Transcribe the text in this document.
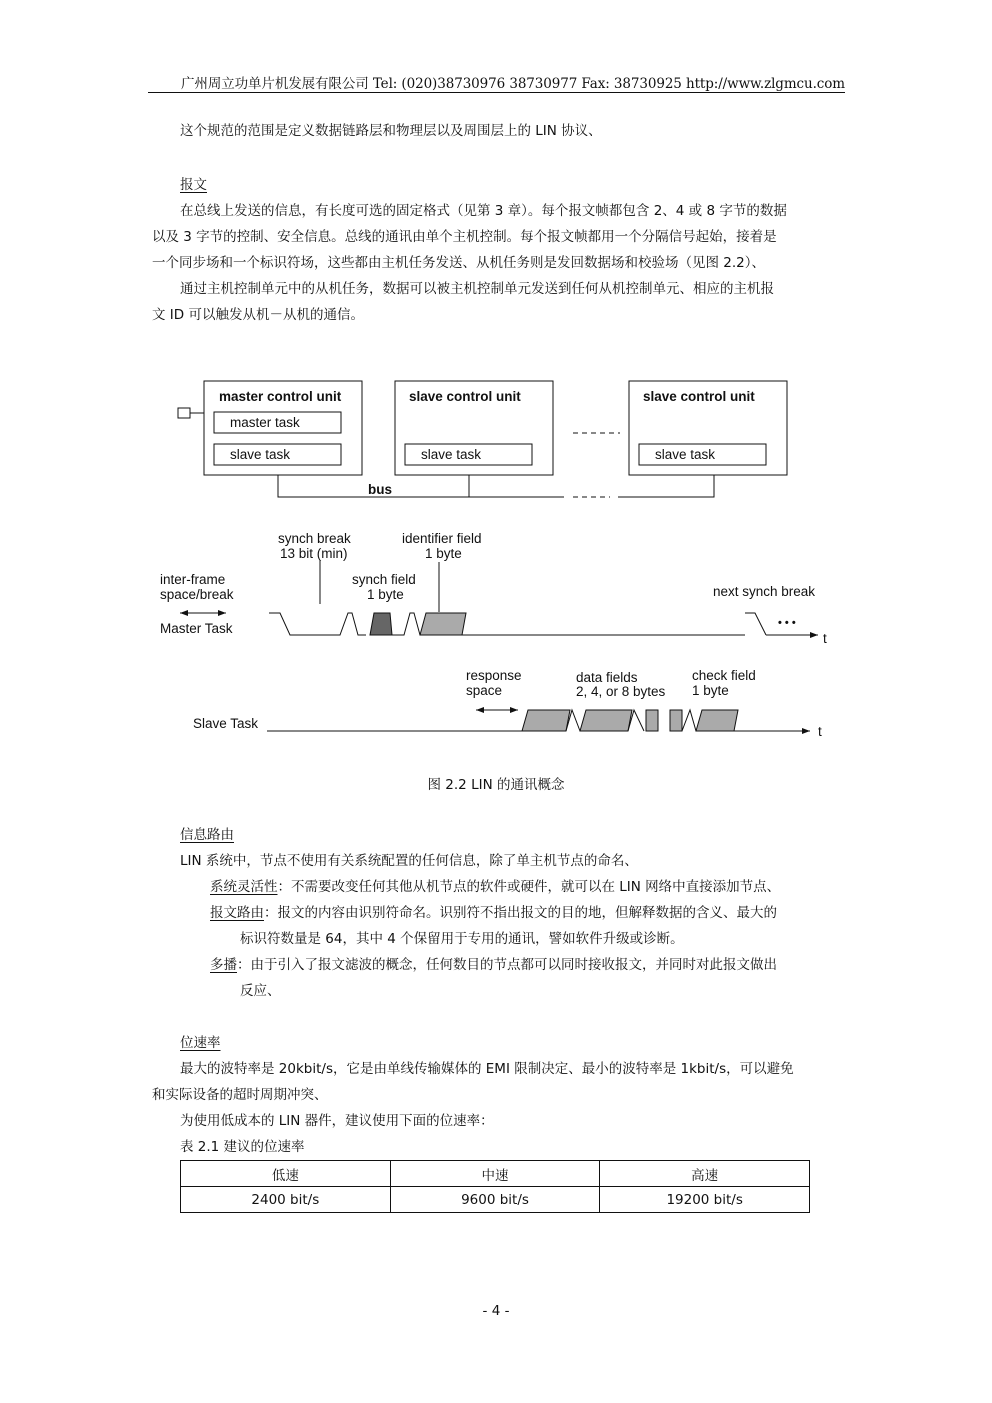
广州周立功单片机发展有限公司 Tel: (020)38730976 38730977 Fax: 38730925 http://www.zlgmcu.com
这个规范的范围是定义数据链路层和物理层以及周围层上的 LIN 协议、
报文
在总线上发送的信息，有长度可选的固定格式（见第 3 章）。每个报文帧都包含 2、4 或 8 字节的数据
以及 3 字节的控制、安全信息。总线的通讯由单个主机控制。每个报文帧都用一个分隔信号起始，接着是
一个同步场和一个标识符场，这些都由主机任务发送、从机任务则是发回数据场和校验场（见图 2.2）、
通过主机控制单元中的从机任务，数据可以被主机控制单元发送到任何从机控制单元、相应的主机报
文 ID 可以触发从机－从机的通信。
master control unit
master task
slave task
slave control unit
slave task
slave control unit
slave task
bus
synch break
13 bit (min)
identifier field
1 byte
inter-frame
space/break
synch field
1 byte	next synch break
Master Task	• • •
t
response
space
data fields
2, 4, or 8 bytes
check field
1 byte
Slave Task
t
图 2.2 LIN 的通讯概念
信息路由
LIN 系统中，节点不使用有关系统配置的任何信息，除了单主机节点的命名、
系统灵活性：不需要改变任何其他从机节点的软件或硬件，就可以在 LIN 网络中直接添加节点、
报文路由：报文的内容由识别符命名。识别符不指出报文的目的地，但解释数据的含义、最大的
标识符数量是 64，其中 4 个保留用于专用的通讯，譬如软件升级或诊断。
多播：由于引入了报文滤波的概念，任何数目的节点都可以同时接收报文，并同时对此报文做出
反应、
位速率
最大的波特率是 20kbit/s，它是由单线传输媒体的 EMI 限制决定、最小的波特率是 1kbit/s，可以避免
和实际设备的超时周期冲突、
为使用低成本的 LIN 器件，建议使用下面的位速率：
表 2.1 建议的位速率
低速	中速	高速
2400 bit/s	9600 bit/s	19200 bit/s
- 4 -
